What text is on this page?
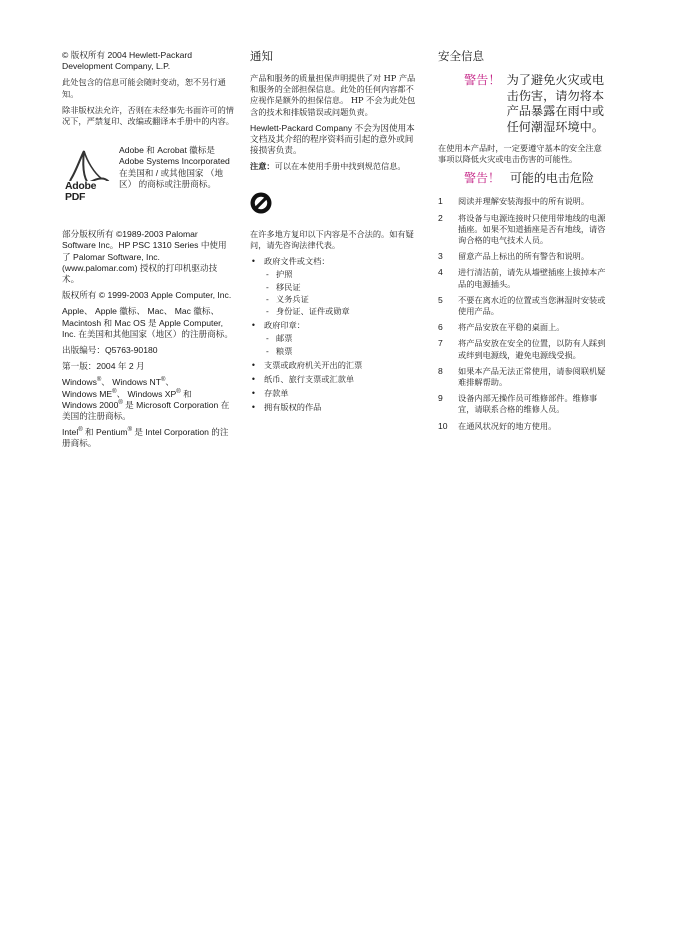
© 版权所有 2004 Hewlett-Packard Development Company, L.P.

此处包含的信息可能会随时变动，恕不另行通知。

除非版权法允许，否则在未经事先书面许可的情况下，严禁复印、改编或翻译本手册中的内容。

Adobe PDF
Adobe 和 Acrobat 徽标是 Adobe Systems Incorporated 在美国和 / 或其他国家 （地区） 的商标或注册商标。

部分版权所有 ©1989-2003 Palomar Software Inc。HP PSC 1310 Series 中使用了 Palomar Software, Inc. (www.palomar.com) 授权的打印机驱动技术。

版权所有 © 1999-2003 Apple Computer, Inc.

Apple、 Apple 徽标、 Mac、 Mac 徽标、Macintosh 和 Mac OS 是 Apple Computer, Inc. 在美国和其他国家（地区）的注册商标。

出版编号：Q5763-90180

第一版：2004 年 2 月

Windows®、 Windows NT®、
Windows ME®、 Windows XP® 和
Windows 2000® 是 Microsoft Corporation 在美国的注册商标。

Intel® 和 Pentium® 是 Intel Corporation 的注册商标。

通知

产品和服务的质量担保声明提供了对 HP 产品和服务的全部担保信息。此处的任何内容都不应视作是额外的担保信息。 HP 不会为此处包含的技术和排版错误或问题负责。

Hewlett-Packard Company 不会为因使用本文档及其介绍的程序资料而引起的意外或间接损害负责。

注意：可以在本使用手册中找到规范信息。

在许多地方复印以下内容是不合法的。如有疑问，请先咨询法律代表。

• 政府文件或文档：
- 护照
- 移民证
- 义务兵证
- 身份证、证件或勋章
• 政府印章：
- 邮票
- 粮票
• 支票或政府机关开出的汇票
• 纸币、旅行支票或汇款单
• 存款单
• 拥有版权的作品
安全信息
警告！ 为了避免火灾或电击伤害，请勿将本产品暴露在雨中或任何潮湿环境中。

在使用本产品时，一定要遵守基本的安全注意事项以降低火灾或电击伤害的可能性。

警告！ 可能的电击危险
1	阅读并理解安装海报中的所有说明。
2	将设备与电源连接时只使用带地线的电源插座。如果不知道插座是否有地线，请咨询合格的电气技术人员。
3	留意产品上标出的所有警告和说明。
4	进行清洁前，请先从墙壁插座上拔掉本产品的电源插头。
5	不要在离水近的位置或当您淋湿时安装或使用产品。
6	将产品安放在平稳的桌面上。
7	将产品安放在安全的位置，以防有人踩到或绊到电源线，避免电源线受损。
8	如果本产品无法正常使用，请参阅联机疑难排解帮助。
9	设备内部无操作员可维修部件。维修事宜，请联系合格的维修人员。
10	在通风状况好的地方使用。
